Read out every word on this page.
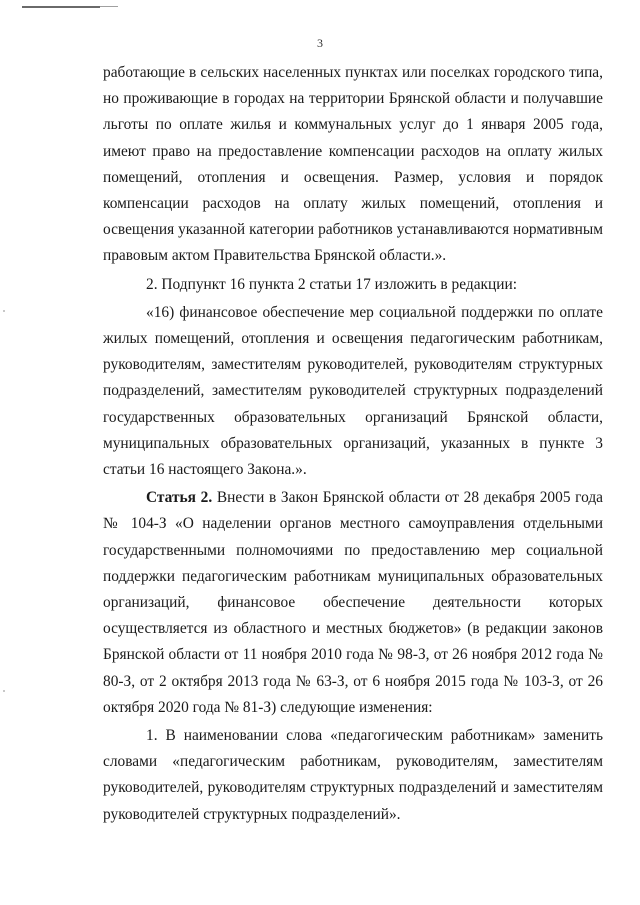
3

работающие в сельских населенных пунктах или поселках городского типа, но проживающие в городах на территории Брянской области и получавшие льготы по оплате жилья и коммунальных услуг до 1 января 2005 года, имеют право на предоставление компенсации расходов на оплату жилых помещений, отопления и освещения. Размер, условия и порядок компенсации расходов на оплату жилых помещений, отопления и освещения указанной категории работников устанавливаются нормативным правовым актом Правительства Брянской области.».

2. Подпункт 16 пункта 2 статьи 17 изложить в редакции:

«16) финансовое обеспечение мер социальной поддержки по оплате жилых помещений, отопления и освещения педагогическим работникам, руководителям, заместителям руководителей, руководителям структурных подразделений, заместителям руководителей структурных подразделений государственных образовательных организаций Брянской области, муниципальных образовательных организаций, указанных в пункте 3 статьи 16 настоящего Закона.».

Статья 2. Внести в Закон Брянской области от 28 декабря 2005 года № 104-З «О наделении органов местного самоуправления отдельными государственными полномочиями по предоставлению мер социальной поддержки педагогическим работникам муниципальных образовательных организаций, финансовое обеспечение деятельности которых осуществляется из областного и местных бюджетов» (в редакции законов Брянской области от 11 ноября 2010 года № 98-З, от 26 ноября 2012 года № 80-З, от 2 октября 2013 года № 63-З, от 6 ноября 2015 года № 103-З, от 26 октября 2020 года № 81-З) следующие изменения:

1. В наименовании слова «педагогическим работникам» заменить словами «педагогическим работникам, руководителям, заместителям руководителей, руководителям структурных подразделений и заместителям руководителей структурных подразделений».
